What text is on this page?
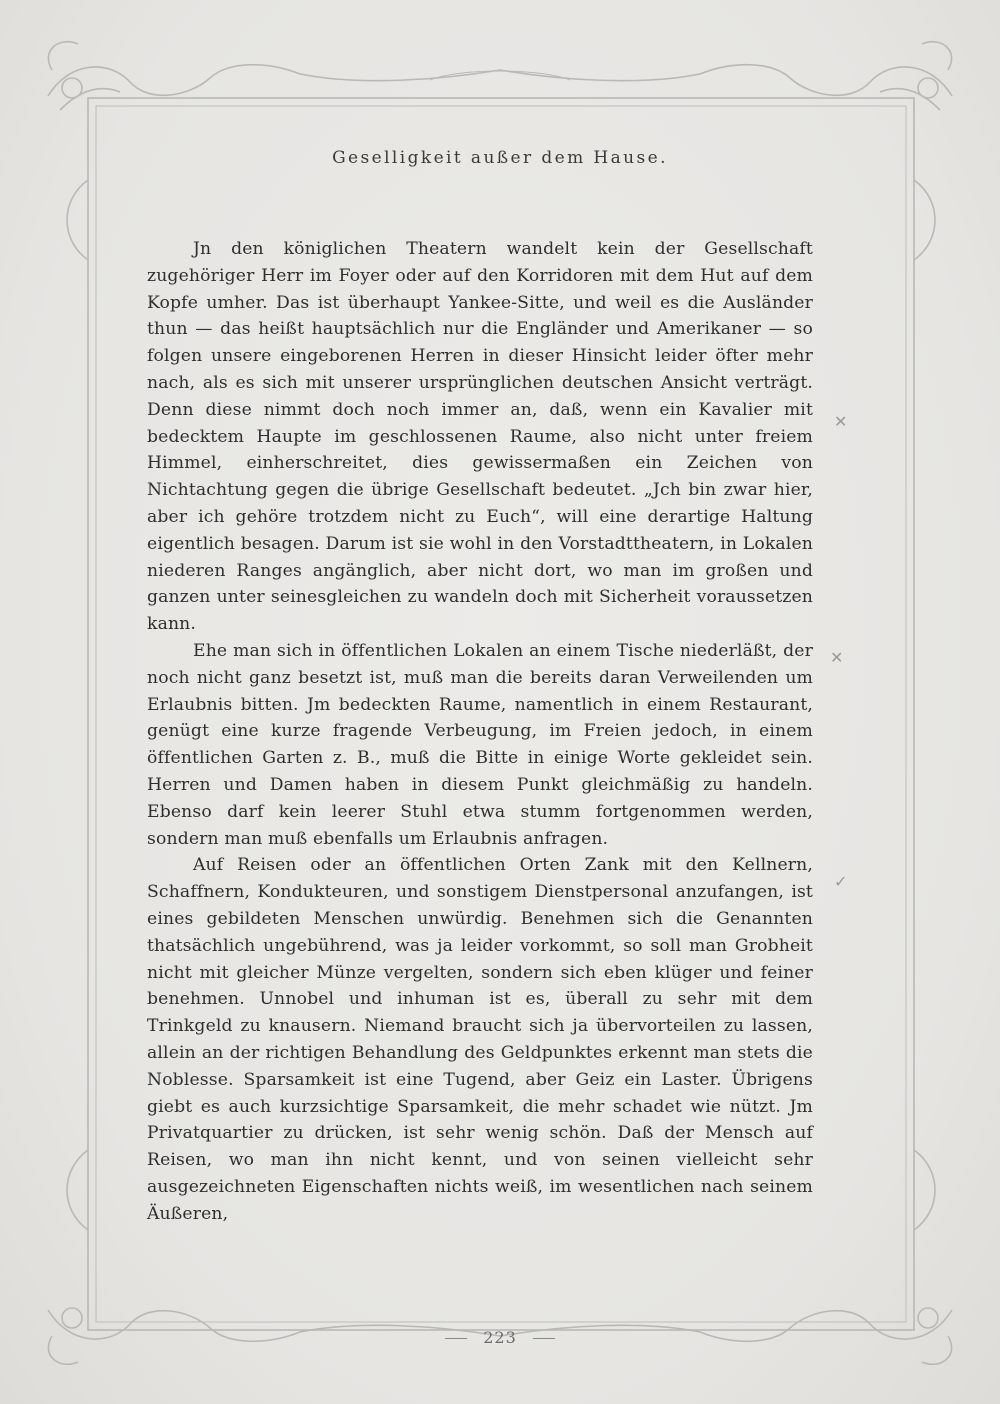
Geselligkeit außer dem Hause.

Jn den königlichen Theatern wandelt kein der Gesellschaft zugehöriger Herr im Foyer oder auf den Korridoren mit dem Hut auf dem Kopfe umher. Das ist überhaupt Yankee-Sitte, und weil es die Ausländer thun — das heißt hauptsächlich nur die Engländer und Amerikaner — so folgen unsere eingeborenen Herren in dieser Hinsicht leider öfter mehr nach, als es sich mit unserer ursprünglichen deutschen Ansicht verträgt. Denn diese nimmt doch noch immer an, daß, wenn ein Kavalier mit bedecktem Haupte im geschlossenen Raume, also nicht unter freiem Himmel, einherschreitet, dies gewissermaßen ein Zeichen von Nichtachtung gegen die übrige Gesellschaft bedeutet. „Jch bin zwar hier, aber ich gehöre trotzdem nicht zu Euch“, will eine derartige Haltung eigentlich besagen. Darum ist sie wohl in den Vorstadttheatern, in Lokalen niederen Ranges angänglich, aber nicht dort, wo man im großen und ganzen unter seinesgleichen zu wandeln doch mit Sicherheit voraussetzen kann.

Ehe man sich in öffentlichen Lokalen an einem Tische niederläßt, der noch nicht ganz besetzt ist, muß man die bereits daran Verweilenden um Erlaubnis bitten. Jm bedeckten Raume, namentlich in einem Restaurant, genügt eine kurze fragende Verbeugung, im Freien jedoch, in einem öffentlichen Garten z. B., muß die Bitte in einige Worte gekleidet sein. Herren und Damen haben in diesem Punkt gleichmäßig zu handeln. Ebenso darf kein leerer Stuhl etwa stumm fortgenommen werden, sondern man muß ebenfalls um Erlaubnis anfragen.

Auf Reisen oder an öffentlichen Orten Zank mit den Kellnern, Schaffnern, Kondukteuren, und sonstigem Dienstpersonal anzufangen, ist eines gebildeten Menschen unwürdig. Benehmen sich die Genannten thatsächlich ungebührend, was ja leider vorkommt, so soll man Grobheit nicht mit gleicher Münze vergelten, sondern sich eben klüger und feiner benehmen. Unnobel und inhuman ist es, überall zu sehr mit dem Trinkgeld zu knausern. Niemand braucht sich ja übervorteilen zu lassen, allein an der richtigen Behandlung des Geldpunktes erkennt man stets die Noblesse. Sparsamkeit ist eine Tugend, aber Geiz ein Laster. Übrigens giebt es auch kurzsichtige Sparsamkeit, die mehr schadet wie nützt. Jm Privatquartier zu drücken, ist sehr wenig schön. Daß der Mensch auf Reisen, wo man ihn nicht kennt, und von seinen vielleicht sehr ausgezeichneten Eigenschaften nichts weiß, im wesentlichen nach seinem Äußeren,

✕
✕
✓
223
